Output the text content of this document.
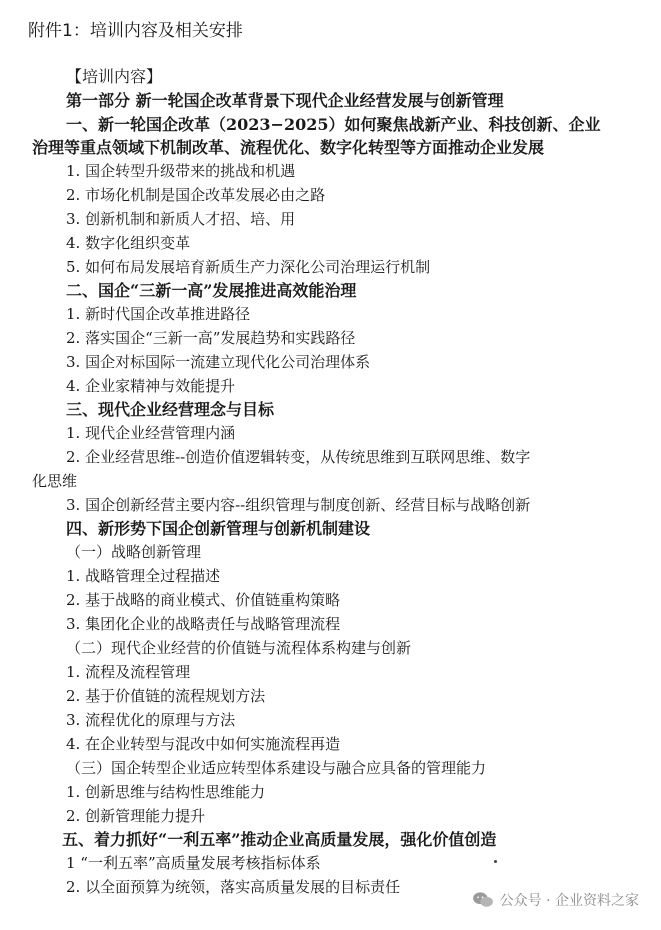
附件1：培训内容及相关安排
【培训内容】
第一部分 新一轮国企改革背景下现代企业经营发展与创新管理
一、新一轮国企改革（2023−2025）如何聚焦战新产业、科技创新、企业
治理等重点领域下机制改革、流程优化、数字化转型等方面推动企业发展
1. 国企转型升级带来的挑战和机遇
2. 市场化机制是国企改革发展必由之路
3. 创新机制和新质人才招、培、用
4. 数字化组织变革
5. 如何布局发展培育新质生产力深化公司治理运行机制
二、国企“三新一高”发展推进高效能治理
1. 新时代国企改革推进路径
2. 落实国企“三新一高”发展趋势和实践路径
3. 国企对标国际一流建立现代化公司治理体系
4. 企业家精神与效能提升
三、现代企业经营理念与目标
1. 现代企业经营管理内涵
2. 企业经营思维--创造价值逻辑转变，从传统思维到互联网思维、数字
化思维
3. 国企创新经营主要内容--组织管理与制度创新、经营目标与战略创新
四、新形势下国企创新管理与创新机制建设
（一）战略创新管理
1. 战略管理全过程描述
2. 基于战略的商业模式、价值链重构策略
3. 集团化企业的战略责任与战略管理流程
（二）现代企业经营的价值链与流程体系构建与创新
1. 流程及流程管理
2. 基于价值链的流程规划方法
3. 流程优化的原理与方法
4. 在企业转型与混改中如何实施流程再造
（三）国企转型企业适应转型体系建设与融合应具备的管理能力
1. 创新思维与结构性思维能力
2. 创新管理能力提升
五、着力抓好“一利五率”推动企业高质量发展，强化价值创造
1 “一利五率”高质量发展考核指标体系
2. 以全面预算为统领，落实高质量发展的目标责任
公众号 · 企业资料之家
